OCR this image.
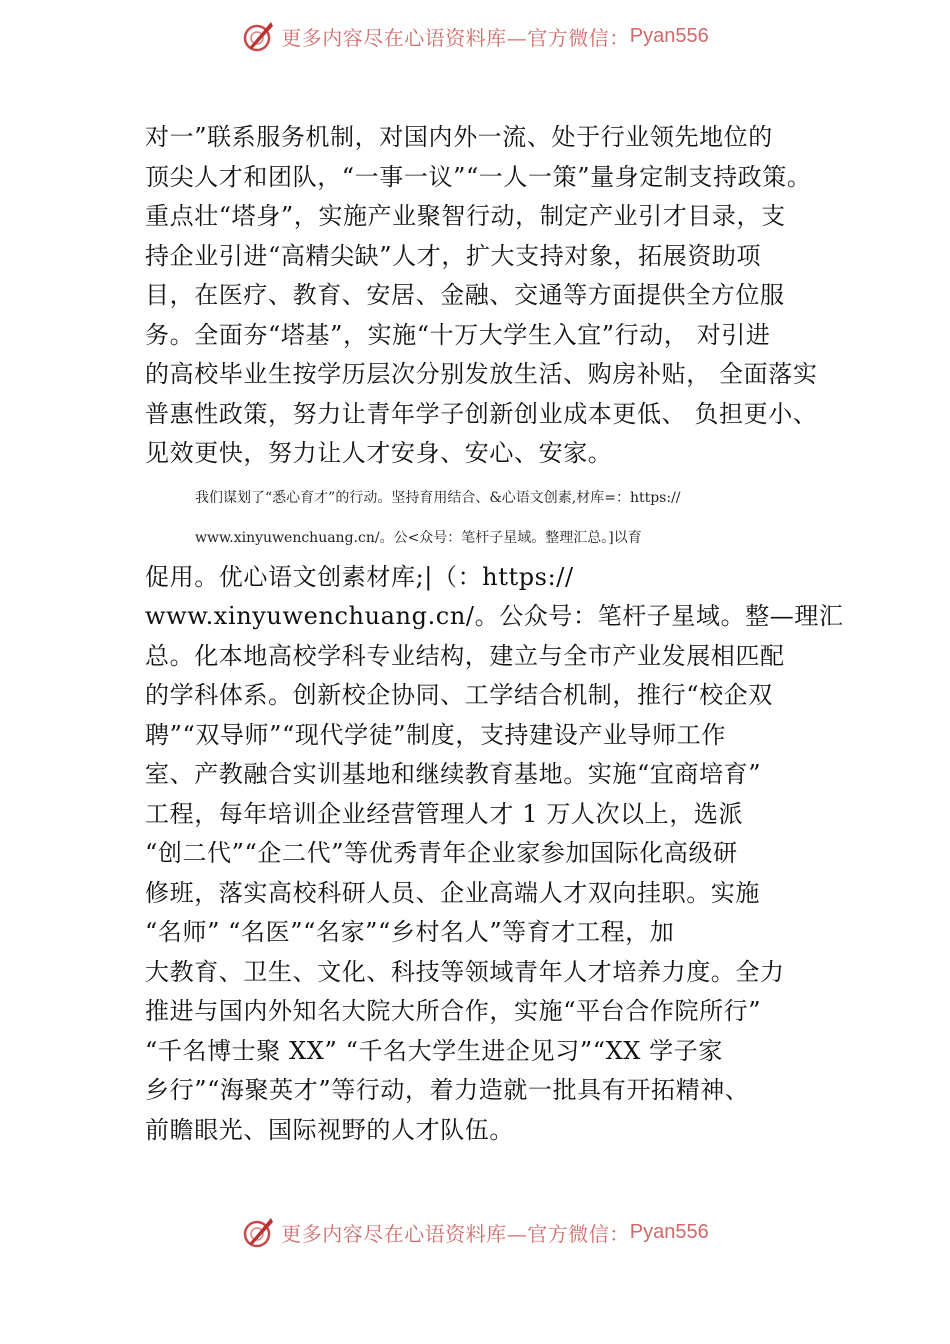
更多内容尽在心语资料库—官方微信： Pyan556
对一”联系服务机制，对国内外一流、处于行业领先地位的
顶尖人才和团队，“一事一议”“一人一策”量身定制支持政策。
重点壮“塔身”，实施产业聚智行动，制定产业引才目录，支
持企业引进“高精尖缺”人才，扩大支持对象，拓展资助项
目，在医疗、教育、安居、金融、交通等方面提供全方位服
务。全面夯“塔基”，实施“十万大学生入宜”行动， 对引进
的高校毕业生按学历层次分别发放生活、购房补贴， 全面落实
普惠性政策，努力让青年学子创新创业成本更低、 负担更小、
见效更快，努力让人才安身、安心、安家。
我们谋划了“悉心育才”的行动。坚持育用结合、&心语文创素,材库=：https://
www.xinyuwenchuang.cn/。公<众号：笔杆子星域。整理汇总。]以育
促用。优心语文创素材库;|（：https://
www.xinyuwenchuang.cn/。公众号：笔杆子星域。整—理汇
总。化本地高校学科专业结构，建立与全市产业发展相匹配
的学科体系。创新校企协同、工学结合机制，推行“校企双
聘”“双导师”“现代学徒”制度，支持建设产业导师工作
室、产教融合实训基地和继续教育基地。实施“宜商培育”
工程，每年培训企业经营管理人才 1 万人次以上，选派
“创二代”“企二代”等优秀青年企业家参加国际化高级研
修班，落实高校科研人员、企业高端人才双向挂职。实施
“名师” “名医”“名家”“乡村名人”等育才工程，加
大教育、卫生、文化、科技等领域青年人才培养力度。全力
推进与国内外知名大院大所合作，实施“平台合作院所行”
“千名博士聚 XX” “千名大学生进企见习”“XX 学子家
乡行”“海聚英才”等行动，着力造就一批具有开拓精神、
前瞻眼光、国际视野的人才队伍。
更多内容尽在心语资料库—官方微信： Pyan556
